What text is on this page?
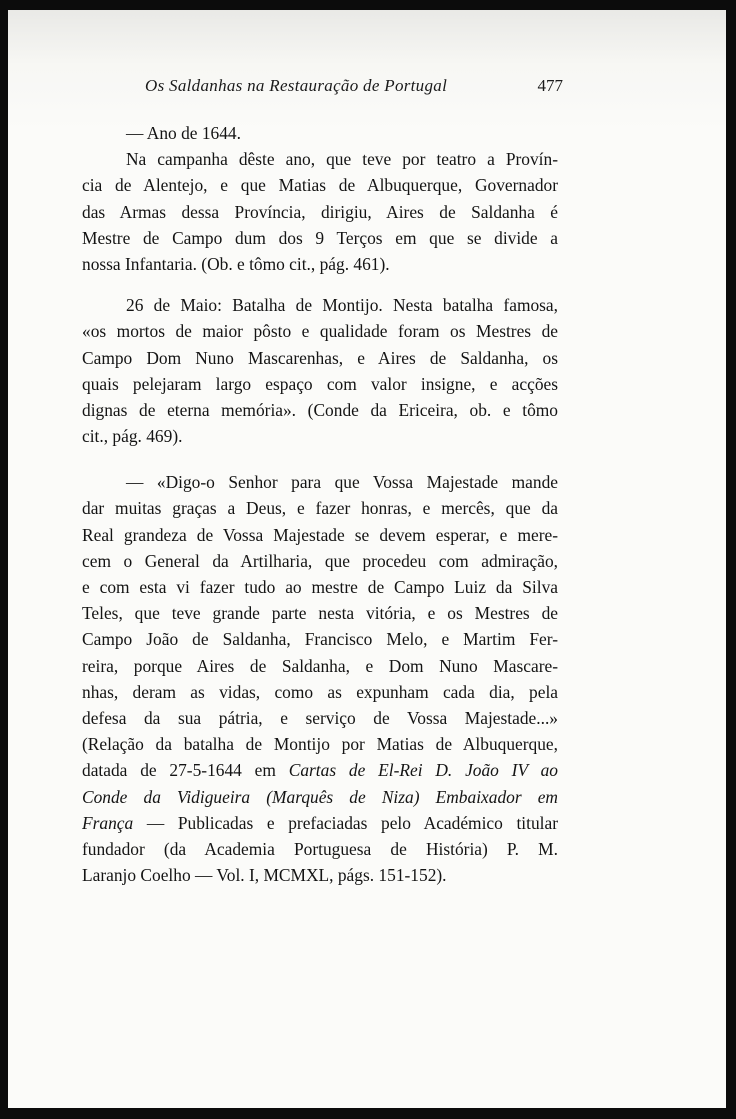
Os Saldanhas na Restauração de Portugal	477
— Ano de 1644.
Na campanha dêste ano, que teve por teatro a Provín-
cia de Alentejo, e que Matias de Albuquerque, Governador
das Armas dessa Província, dirigiu, Aires de Saldanha é
Mestre de Campo dum dos 9 Terços em que se divide a
nossa Infantaria. (Ob. e tômo cit., pág. 461).
26 de Maio: Batalha de Montijo. Nesta batalha famosa,
«os mortos de maior pôsto e qualidade foram os Mestres de
Campo Dom Nuno Mascarenhas, e Aires de Saldanha, os
quais pelejaram largo espaço com valor insigne, e acções
dignas de eterna memória». (Conde da Ericeira, ob. e tômo
cit., pág. 469).
— «Digo-o Senhor para que Vossa Majestade mande
dar muitas graças a Deus, e fazer honras, e mercês, que da
Real grandeza de Vossa Majestade se devem esperar, e mere-
cem o General da Artilharia, que procedeu com admiração,
e com esta vi fazer tudo ao mestre de Campo Luiz da Silva
Teles, que teve grande parte nesta vitória, e os Mestres de
Campo João de Saldanha, Francisco Melo, e Martim Fer-
reira, porque Aires de Saldanha, e Dom Nuno Mascare-
nhas, deram as vidas, como as expunham cada dia, pela
defesa da sua pátria, e serviço de Vossa Majestade...»
(Relação da batalha de Montijo por Matias de Albuquerque,
datada de 27-5-1644 em Cartas de El-Rei D. João IV ao
Conde da Vidigueira (Marquês de Niza) Embaixador em
França — Publicadas e prefaciadas pelo Académico titular
fundador (da Academia Portuguesa de História) P. M.
Laranjo Coelho — Vol. I, MCMXL, págs. 151-152).
